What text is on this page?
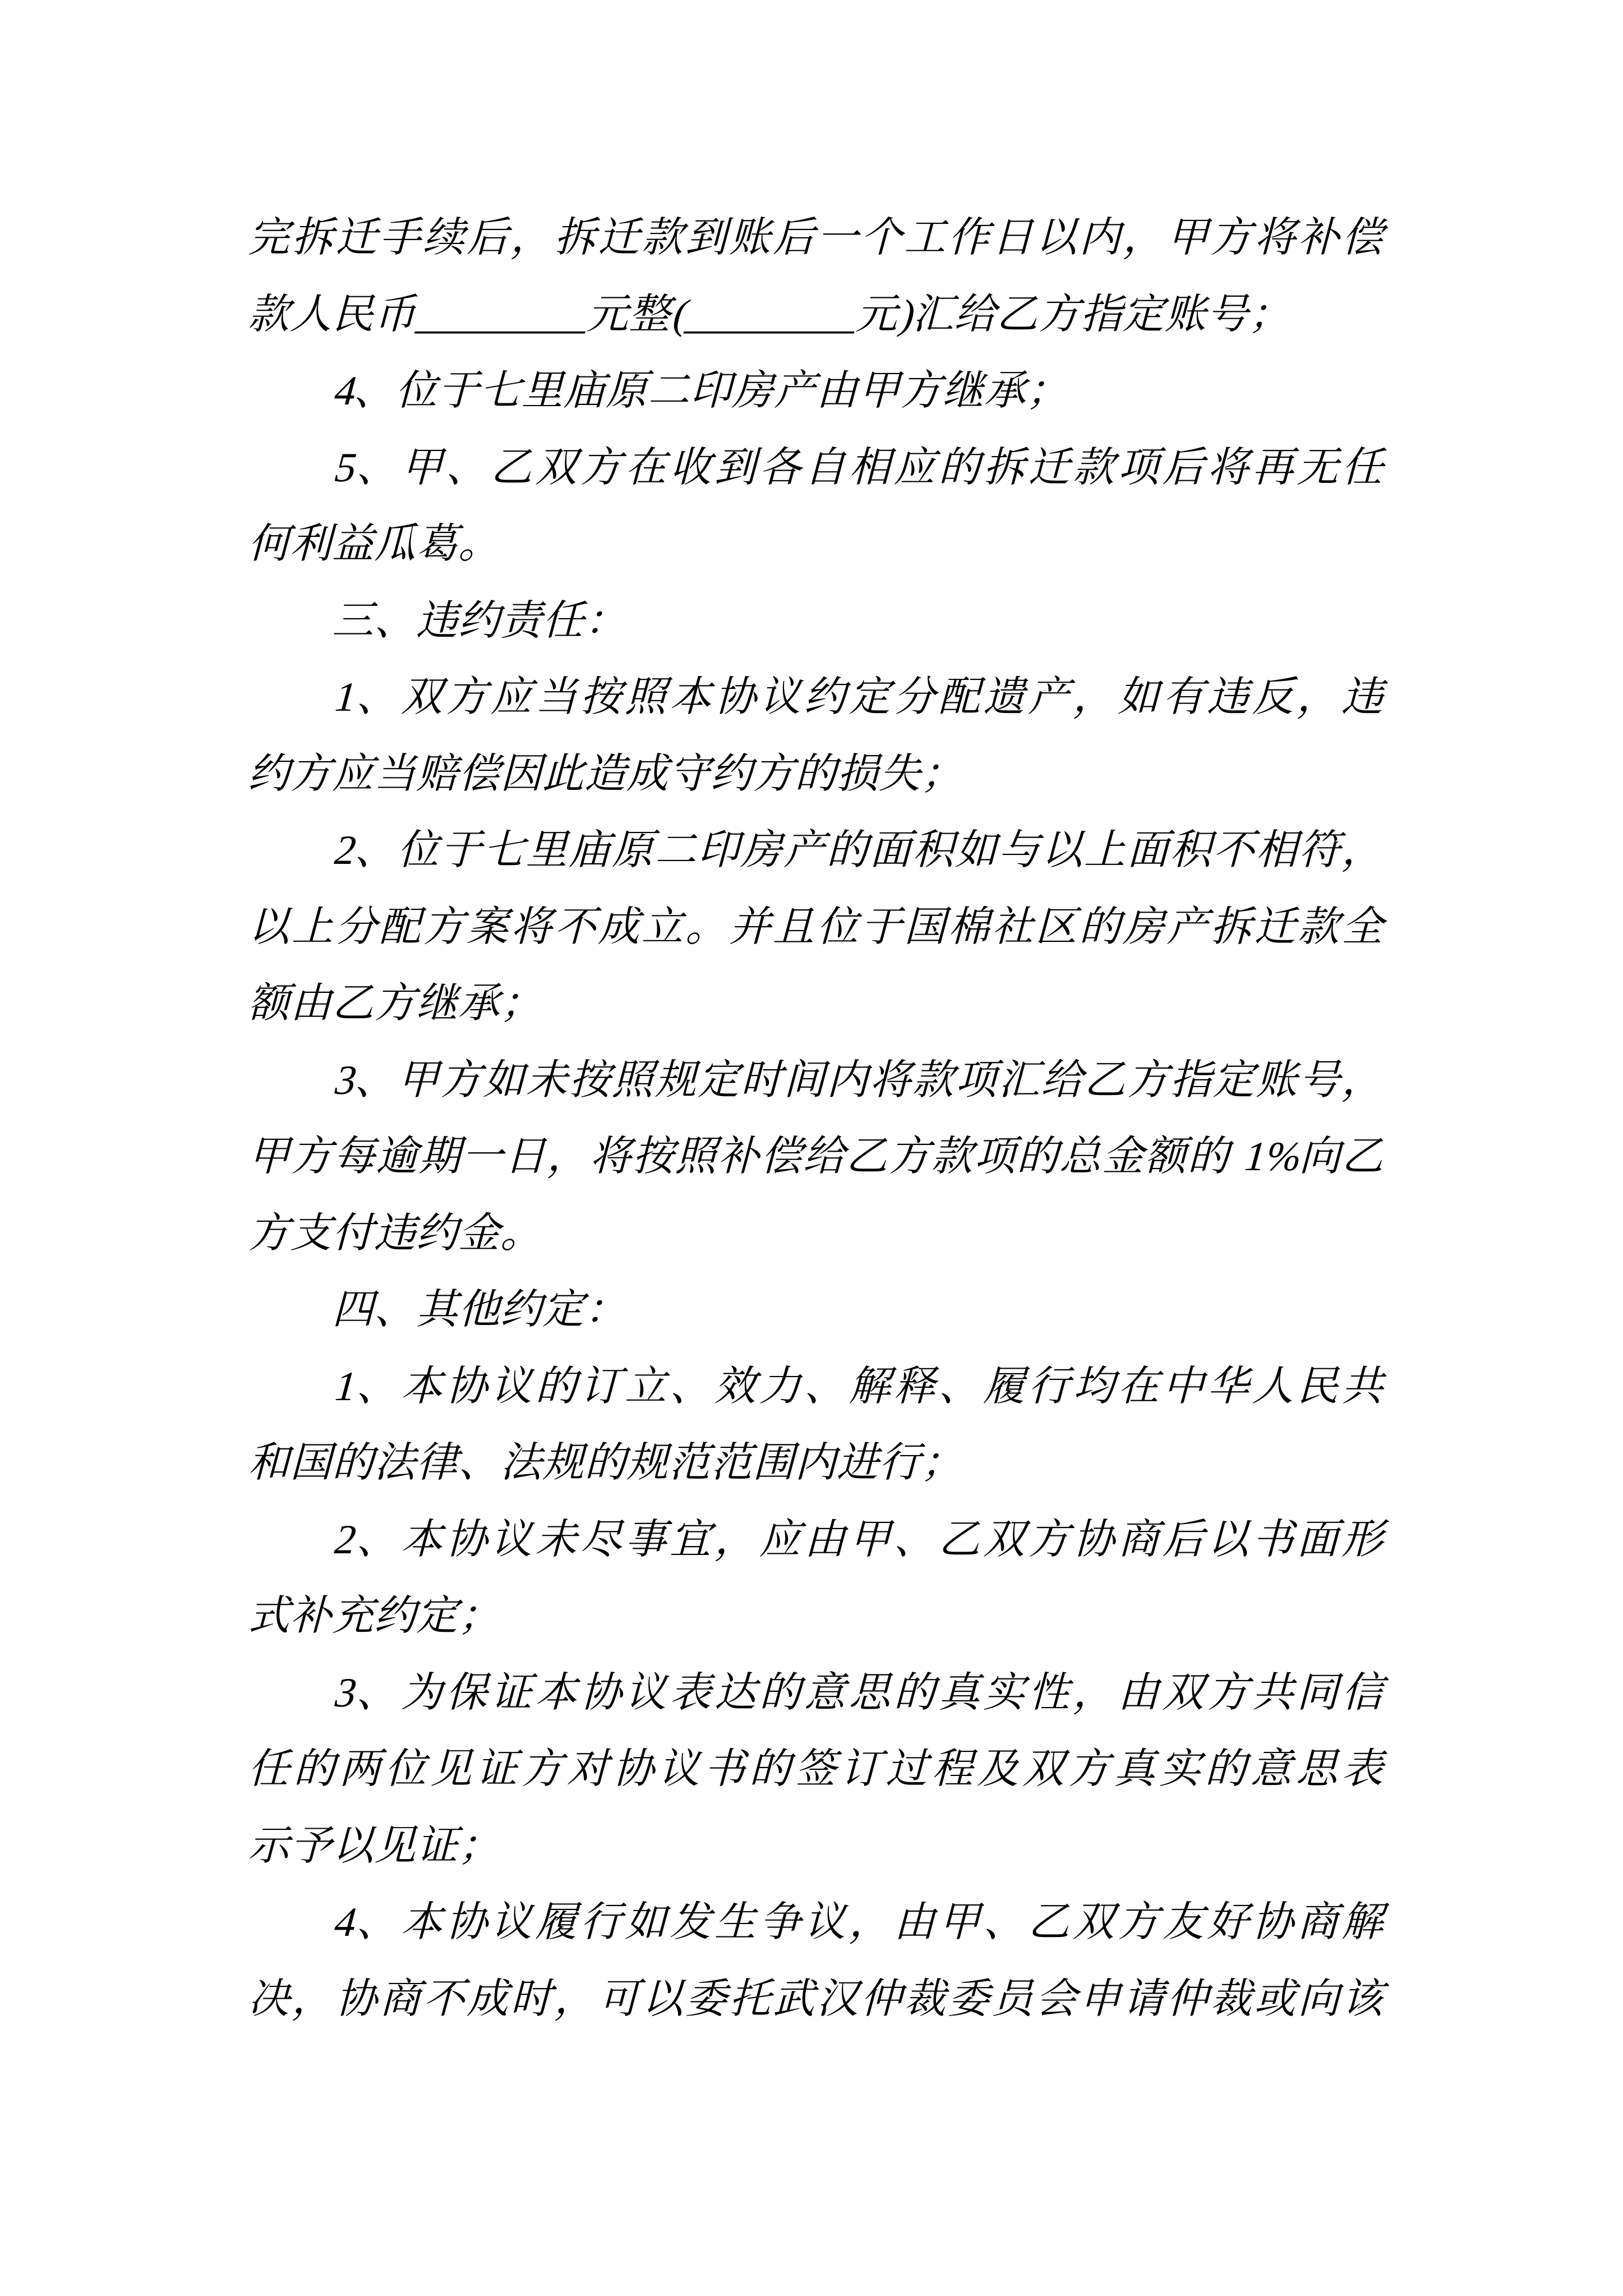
完拆迁手续后，拆迁款到账后一个工作日以内，甲方将补偿
款人民币________元整(________元)汇给乙方指定账号；
4、位于七里庙原二印房产由甲方继承；
5、甲、乙双方在收到各自相应的拆迁款项后将再无任
何利益瓜葛。
三、违约责任：
1、双方应当按照本协议约定分配遗产，如有违反，违
约方应当赔偿因此造成守约方的损失；
2、位于七里庙原二印房产的面积如与以上面积不相符，
以上分配方案将不成立。并且位于国棉社区的房产拆迁款全
额由乙方继承；
3、甲方如未按照规定时间内将款项汇给乙方指定账号，
甲方每逾期一日，将按照补偿给乙方款项的总金额的 1%向乙
方支付违约金。
四、其他约定：
1、本协议的订立、效力、解释、履行均在中华人民共
和国的法律、法规的规范范围内进行；
2、本协议未尽事宜，应由甲、乙双方协商后以书面形
式补充约定；
3、为保证本协议表达的意思的真实性，由双方共同信
任的两位见证方对协议书的签订过程及双方真实的意思表
示予以见证；
4、本协议履行如发生争议，由甲、乙双方友好协商解
决，协商不成时，可以委托武汉仲裁委员会申请仲裁或向该
